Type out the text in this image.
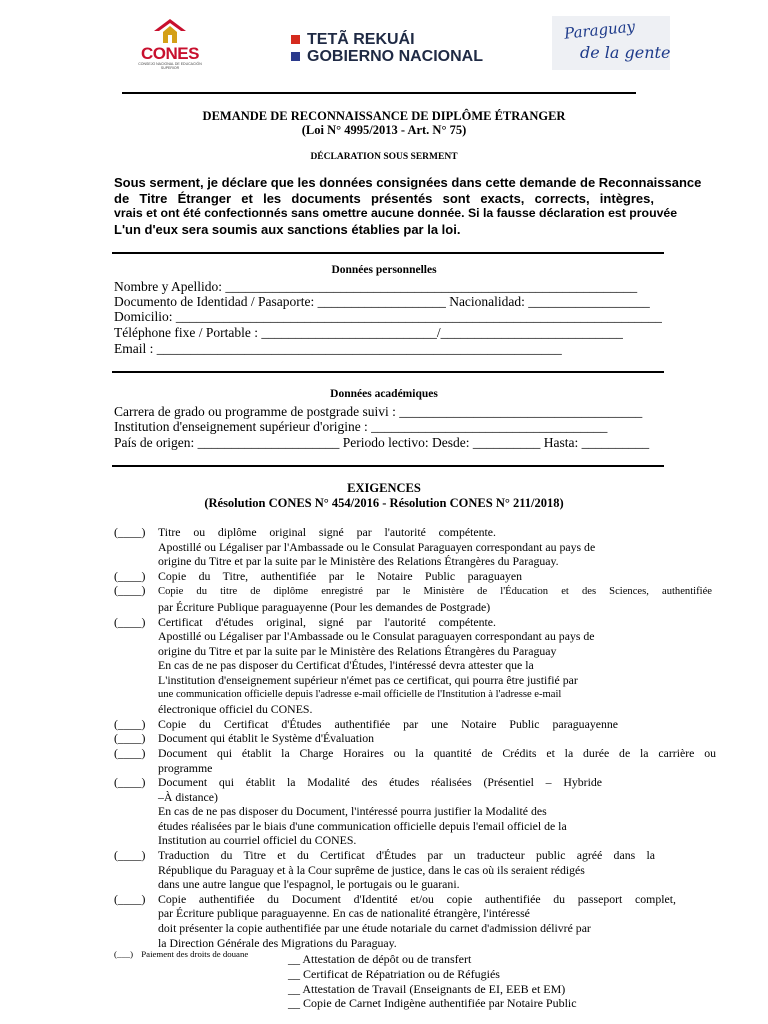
CONES
CONSEJO NACIONAL DE EDUCACIÓN SUPERIOR
TETÃ REKUÁI
GOBIERNO NACIONAL
Paraguay
de la gente
DEMANDE DE RECONNAISSANCE DE DIPLÔME ÉTRANGER
(Loi N° 4995/2013 - Art. N° 75)
DÉCLARATION SOUS SERMENT
Sous serment, je déclare que les données consignées dans cette demande de Reconnaissance
de Titre Étranger et les documents présentés sont exacts, corrects, intègres,
vrais et ont été confectionnés sans omettre aucune donnée. Si la fausse déclaration est prouvée
L'un d'eux sera soumis aux sanctions établies par la loi.
Données personnelles
Nombre y Apellido: _____________________________________________________________
Documento de Identidad / Pasaporte: ___________________ Nacionalidad: __________________
Domicilio: ________________________________________________________________________
Téléphone fixe / Portable : __________________________/___________________________
Email : ____________________________________________________________
Données académiques
Carrera de grado ou programme de postgrade suivi : ____________________________________
Institution d'enseignement supérieur d'origine : ___________________________________
País de origen: _____________________ Periodo lectivo: Desde: __________ Hasta: __________
EXIGENCES
(Résolution CONES N° 454/2016 - Résolution CONES N° 211/2018)
(____) Titre ou diplôme original signé par l'autorité compétente.
Apostillé ou Légaliser par l'Ambassade ou le Consulat Paraguayen correspondant au pays de
origine du Titre et par la suite par le Ministère des Relations Étrangères du Paraguay.
(____) Copie du Titre, authentifiée par le Notaire Public paraguayen
(____) Copie du titre de diplôme enregistré par le Ministère de l'Éducation et des Sciences, authentifiée
par Écriture Publique paraguayenne (Pour les demandes de Postgrade)
(____) Certificat d'études original, signé par l'autorité compétente.
Apostillé ou Légaliser par l'Ambassade ou le Consulat paraguayen correspondant au pays de
origine du Titre et par la suite par le Ministère des Relations Étrangères du Paraguay
En cas de ne pas disposer du Certificat d'Études, l'intéressé devra attester que la
L'institution d'enseignement supérieur n'émet pas ce certificat, qui pourra être justifié par
une communication officielle depuis l'adresse e-mail officielle de l'Institution à l'adresse e-mail
électronique officiel du CONES.
(____) Copie du Certificat d'Études authentifiée par une Notaire Public paraguayenne
(____) Document qui établit le Système d'Évaluation
(____) Document qui établit la Charge Horaires ou la quantité de Crédits et la durée de la carrière ou
programme
(____) Document qui établit la Modalité des études réalisées (Présentiel – Hybride
–À distance)
En cas de ne pas disposer du Document, l'intéressé pourra justifier la Modalité des
études réalisées par le biais d'une communication officielle depuis l'email officiel de la
Institution au courriel officiel du CONES.
(____) Traduction du Titre et du Certificat d'Études par un traducteur public agréé dans la
République du Paraguay et à la Cour suprême de justice, dans le cas où ils seraient rédigés
dans une autre langue que l'espagnol, le portugais ou le guarani.
(____) Copie authentifiée du Document d'Identité et/ou copie authentifiée du passeport complet,
par Écriture publique paraguayenne. En cas de nationalité étrangère, l'intéressé
doit présenter la copie authentifiée par une étude notariale du carnet d'admission délivré par
la Direction Générale des Migrations du Paraguay.
(___) Paiement des droits de douane	__ Attestation de dépôt ou de transfert
__ Certificat de Répatriation ou de Réfugiés
__ Attestation de Travail (Enseignants de EI, EEB et EM)
__ Copie de Carnet Indigène authentifiée par Notaire Public
